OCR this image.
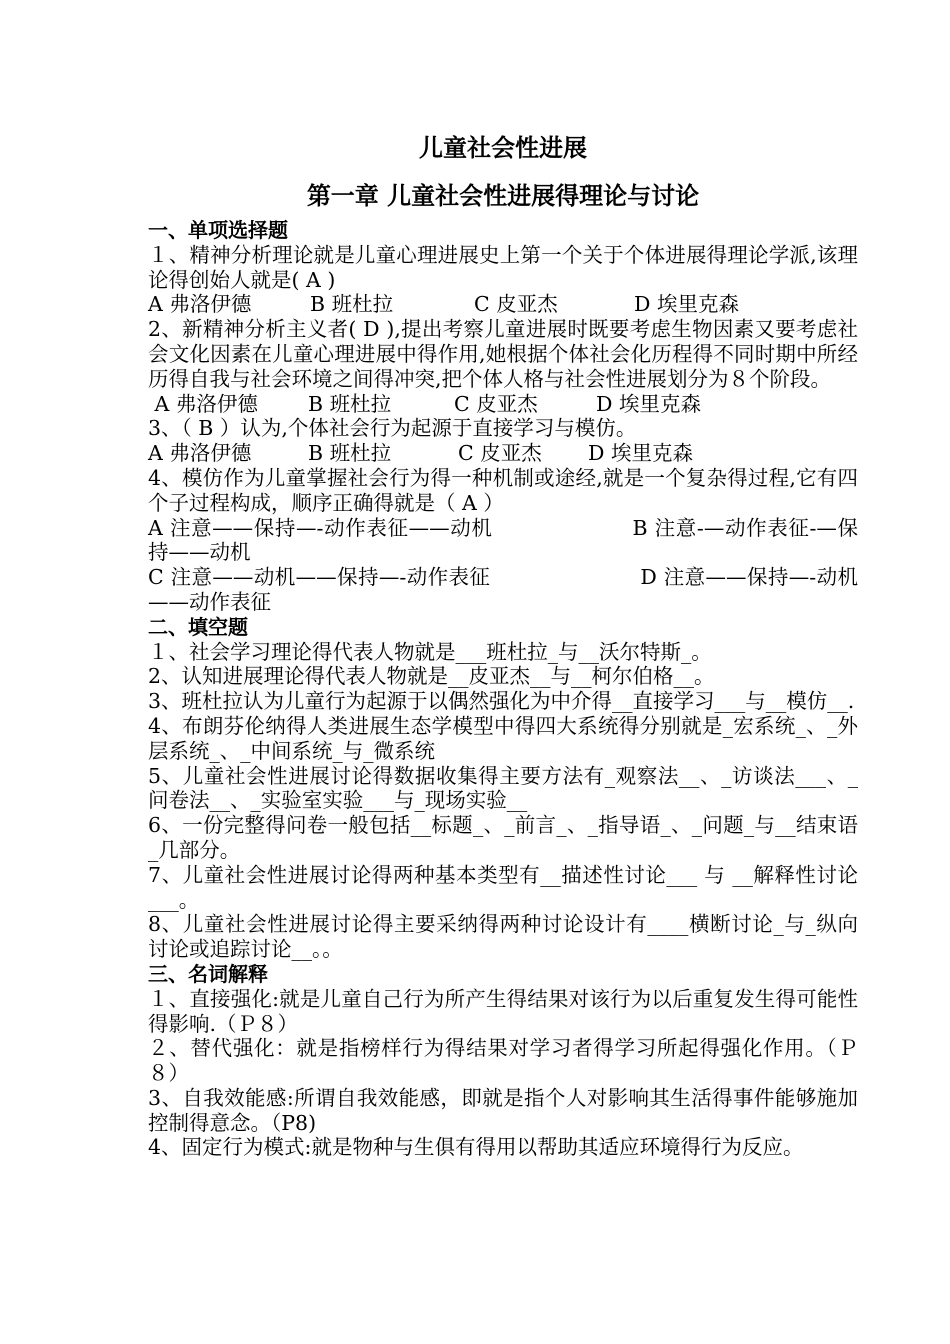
儿童社会性进展
第一章 儿童社会性进展得理论与讨论
一、单项选择题

１、精神分析理论就是儿童心理进展史上第一个关于个体进展得理论学派,该理论得创始人就是( A )

A 弗洛伊德	B 班杜拉	C 皮亚杰	D 埃里克森

2、新精神分析主义者( D ),提出考察儿童进展时既要考虑生物因素又要考虑社会文化因素在儿童心理进展中得作用,她根据个体社会化历程得不同时期中所经历得自我与社会环境之间得冲突,把个体人格与社会性进展划分为８个阶段。

A 弗洛伊德	B 班杜拉	C 皮亚杰	D 埃里克森

3、（ B ）认为,个体社会行为起源于直接学习与模仿。

A 弗洛伊德	B 班杜拉	C 皮亚杰	D 埃里克森

4、模仿作为儿童掌握社会行为得一种机制或途经,就是一个复杂得过程,它有四个子过程构成，顺序正确得就是（ A ）

A 注意——保持—-动作表征——动机	B 注意-—动作表征-—保持——动机

C 注意——动机——保持—-动作表征	D 注意——保持—-动机——动作表征

二、填空题

１、社会学习理论得代表人物就是___班杜拉_与__沃尔特斯_。

2、认知进展理论得代表人物就是__皮亚杰__与__柯尔伯格__。

3、班杜拉认为儿童行为起源于以偶然强化为中介得__直接学习___与__模仿__.

4、布朗芬伦纳得人类进展生态学模型中得四大系统得分别就是_宏系统_、_外层系统_、_中间系统_与_微系统

5、儿童社会性进展讨论得数据收集得主要方法有_观察法__、_访谈法___、_问卷法__、_实验室实验___与_现场实验__

6、一份完整得问卷一般包括__标题_、_前言_、_指导语_、_问题_与__结束语_几部分。

7、儿童社会性进展讨论得两种基本类型有__描述性讨论___ 与 __解释性讨论___。

8、儿童社会性进展讨论得主要采纳得两种讨论设计有____横断讨论_与_纵向讨论或追踪讨论__。。

三、名词解释

１、直接强化:就是儿童自己行为所产生得结果对该行为以后重复发生得可能性得影响.（Ｐ８）

２、替代强化：就是指榜样行为得结果对学习者得学习所起得强化作用。（Ｐ８）

3、自我效能感:所谓自我效能感，即就是指个人对影响其生活得事件能够施加控制得意念。（P8)

4、固定行为模式:就是物种与生俱有得用以帮助其适应环境得行为反应。
